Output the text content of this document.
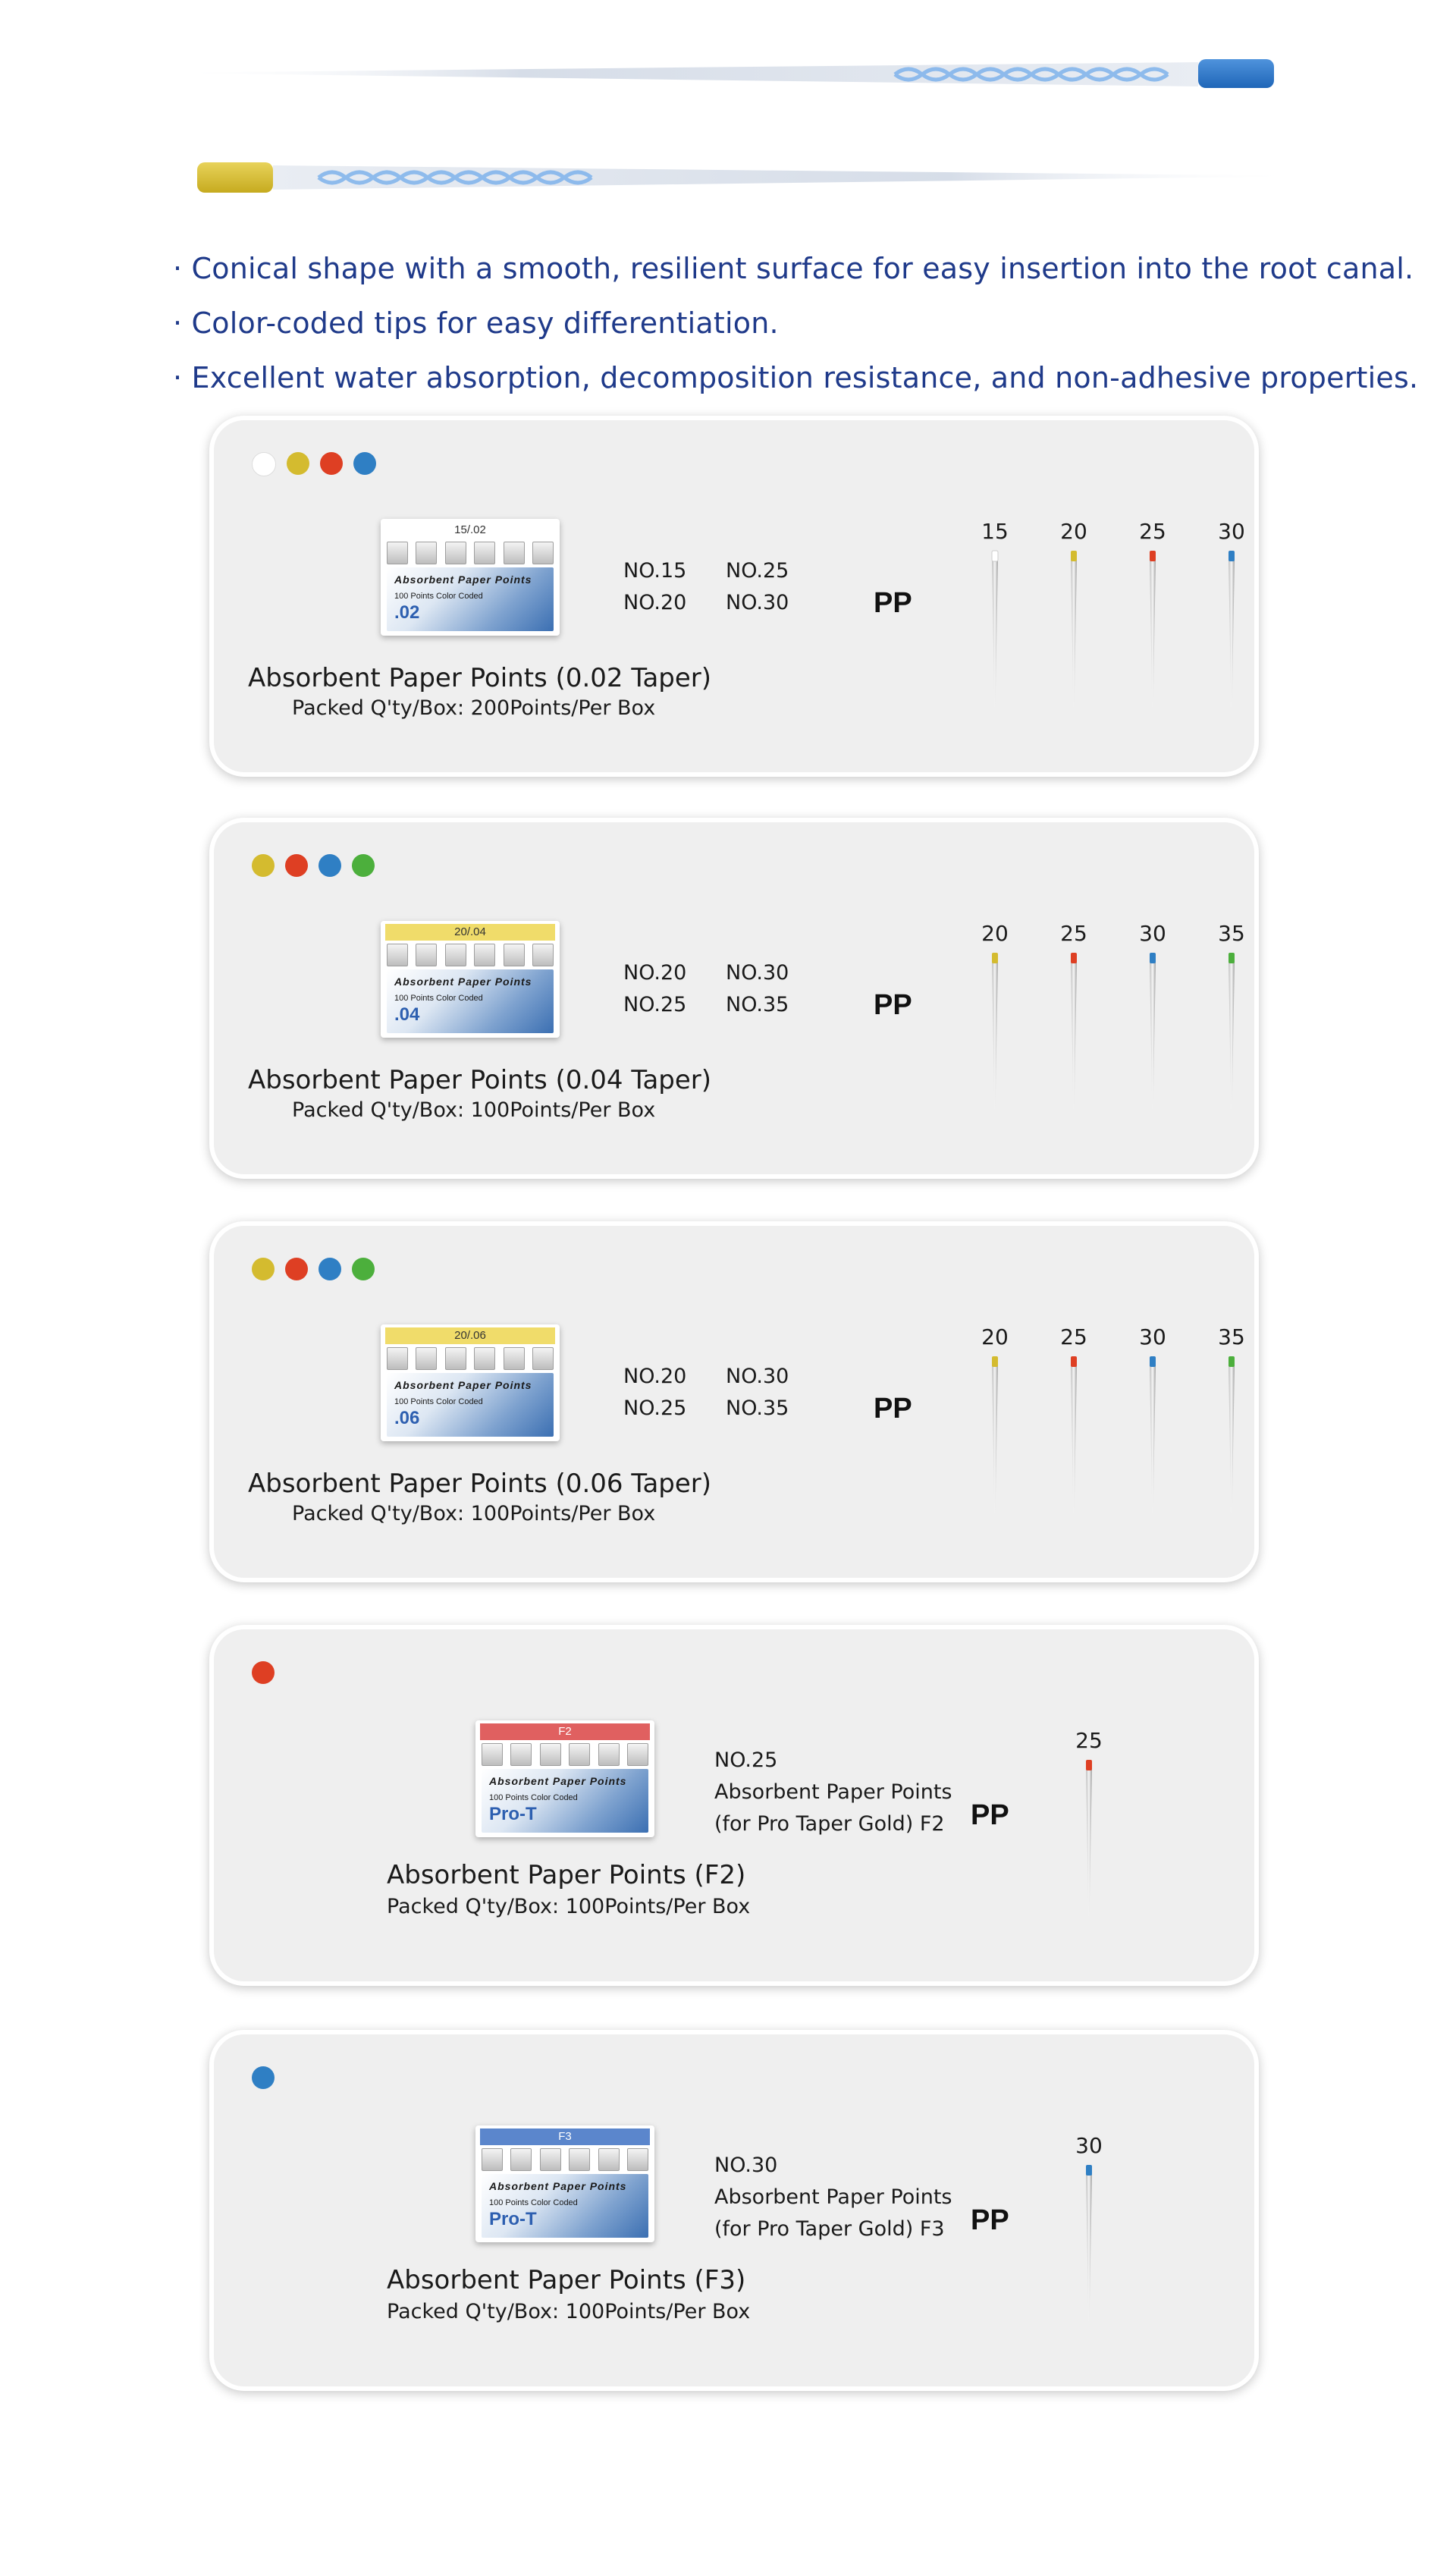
· Conical shape with a smooth, resilient surface for easy insertion into the root canal.
· Color-coded tips for easy differentiation.
· Excellent water absorption, decomposition resistance, and non-adhesive properties.
15/.02
Absorbent Paper Points
100 Points Color Coded
.02
NO.15
NO.20
NO.25
NO.30	PP
Absorbent Paper Points (0.02 Taper)
Packed Q'ty/Box: 200Points/Per Box
15	20	25	30
20/.04
Absorbent Paper Points
100 Points Color Coded
.04
NO.20
NO.25
NO.30
NO.35	PP
Absorbent Paper Points (0.04 Taper)
Packed Q'ty/Box: 100Points/Per Box
20	25	30	35
20/.06
Absorbent Paper Points
100 Points Color Coded
.06
NO.20
NO.25
NO.30
NO.35	PP
Absorbent Paper Points (0.06 Taper)
Packed Q'ty/Box: 100Points/Per Box
20	25	30	35
F2
Absorbent Paper Points
100 Points Color Coded
Pro-T
NO.25
Absorbent Paper Points
(for Pro Taper Gold) F2 PP
Absorbent Paper Points (F2)
Packed Q'ty/Box: 100Points/Per Box
25
F3
Absorbent Paper Points
100 Points Color Coded
Pro-T
NO.30
Absorbent Paper Points
(for Pro Taper Gold) F3 PP
Absorbent Paper Points (F3)
Packed Q'ty/Box: 100Points/Per Box
30
